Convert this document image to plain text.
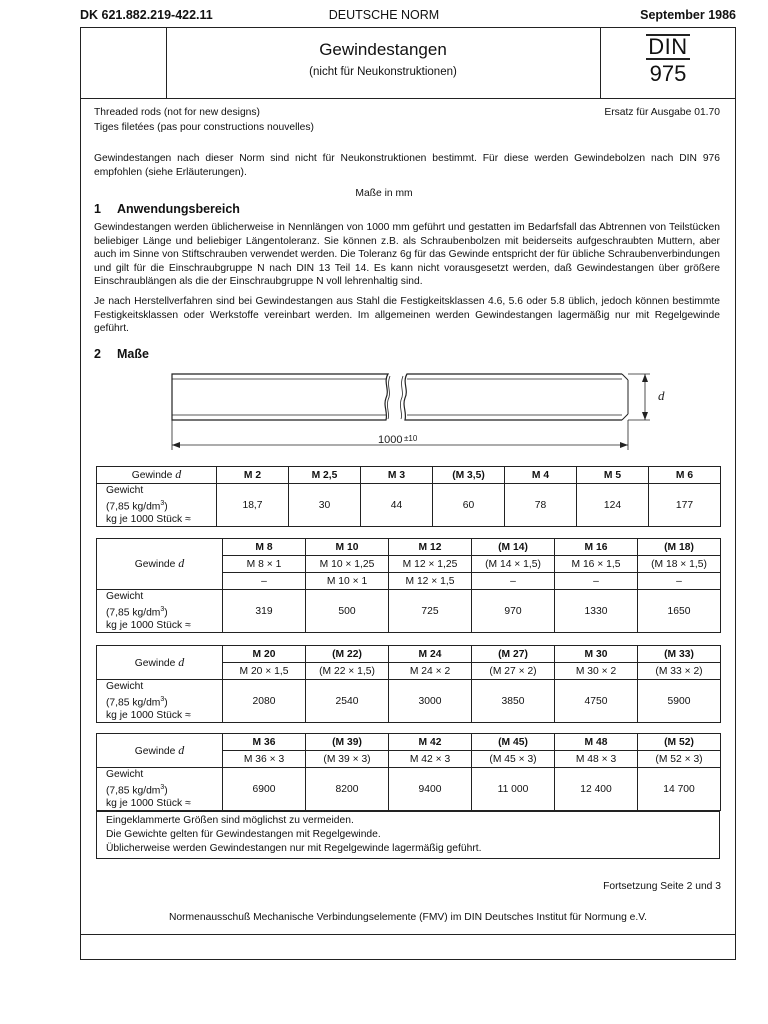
DK 621.882.219-422.11	DEUTSCHE NORM	September 1986
Gewindestangen
(nicht für Neukonstruktionen)
DIN
975
Threaded rods (not for new designs)
Tiges filetées (pas pour constructions nouvelles)
Ersatz für Ausgabe 01.70
Gewindestangen nach dieser Norm sind nicht für Neukonstruktionen bestimmt. Für diese werden Gewindebolzen nach DIN 976 empfohlen (siehe Erläuterungen).
Maße in mm
1 Anwendungsbereich
Gewindestangen werden üblicherweise in Nennlängen von 1000 mm geführt und gestatten im Bedarfsfall das Abtrennen von Teilstücken beliebiger Länge und beliebiger Längentoleranz. Sie können z.B. als Schraubenbolzen mit beiderseits aufgeschraubten Muttern, aber auch im Sinne von Stiftschrauben verwendet werden. Die Toleranz 6g für das Gewinde entspricht der für übliche Schraubenverbindungen und gilt für die Einschraubgruppe N nach DIN 13 Teil 14. Es kann nicht vorausgesetzt werden, daß Gewindestangen über größere Einschraublängen als die der Einschraubgruppe N voll lehrenhaltig sind.
Je nach Herstellverfahren sind bei Gewindestangen aus Stahl die Festigkeitsklassen 4.6, 5.6 oder 5.8 üblich, jedoch können bestimmte Festigkeitsklassen oder Werkstoffe vereinbart werden. Im allgemeinen werden Gewindestangen lagermäßig nur mit Regelgewinde geführt.
2 Maße
d
1000 ±10
Gewinde d	M 2	M 2,5	M 3	(M 3,5)	M 4	M 5	M 6
Gewicht
(7,85 $kg/dm^3$)
kg je 1000 Stück ≈	18,7	30	44	60	78	124	177
Gewinde d	M 8	M 10	M 12	(M 14)	M 16	(M 18)
	M 8 × 1	M 10 × 1,25	M 12 × 1,25	(M 14 × 1,5)	M 16 × 1,5	(M 18 × 1,5)
	–	M 10 × 1	M 12 × 1,5	–	–	–
Gewicht
(7,85 $kg/dm^3$)
kg je 1000 Stück ≈	319	500	725	970	1330	1650
Gewinde d	M 20	(M 22)	M 24	(M 27)	M 30	(M 33)
	M 20 × 1,5	(M 22 × 1,5)	M 24 × 2	(M 27 × 2)	M 30 × 2	(M 33 × 2)
Gewicht
(7,85 $kg/dm^3$)
kg je 1000 Stück ≈	2080	2540	3000	3850	4750	5900
Gewinde d	M 36	(M 39)	M 42	(M 45)	M 48	(M 52)
	M 36 × 3	(M 39 × 3)	M 42 × 3	(M 45 × 3)	M 48 × 3	(M 52 × 3)
Gewicht
(7,85 $kg/dm^3$)
kg je 1000 Stück ≈	6900	8200	9400	11 000	12 400	14 700
Eingeklammerte Größen sind möglichst zu vermeiden.
Die Gewichte gelten für Gewindestangen mit Regelgewinde.
Üblicherweise werden Gewindestangen nur mit Regelgewinde lagermäßig geführt.
Fortsetzung Seite 2 und 3
Normenausschuß Mechanische Verbindungselemente (FMV) im DIN Deutsches Institut für Normung e.V.
